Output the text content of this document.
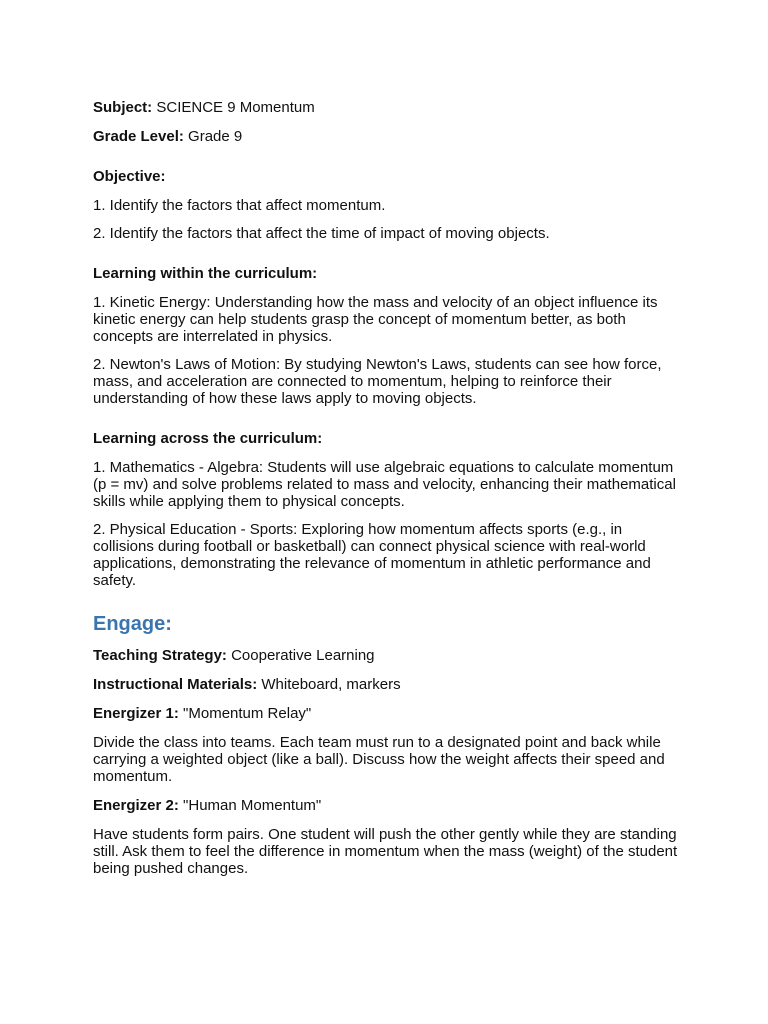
Subject: SCIENCE 9 Momentum

Grade Level: Grade 9

Objective:

1. Identify the factors that affect momentum.

2. Identify the factors that affect the time of impact of moving objects.

Learning within the curriculum:

1. Kinetic Energy: Understanding how the mass and velocity of an object influence its kinetic energy can help students grasp the concept of momentum better, as both concepts are interrelated in physics.

2. Newton's Laws of Motion: By studying Newton's Laws, students can see how force, mass, and acceleration are connected to momentum, helping to reinforce their understanding of how these laws apply to moving objects.

Learning across the curriculum:

1. Mathematics - Algebra: Students will use algebraic equations to calculate momentum (p = mv) and solve problems related to mass and velocity, enhancing their mathematical skills while applying them to physical concepts.

2. Physical Education - Sports: Exploring how momentum affects sports (e.g., in collisions during football or basketball) can connect physical science with real-world applications, demonstrating the relevance of momentum in athletic performance and safety.

Engage:

Teaching Strategy: Cooperative Learning

Instructional Materials: Whiteboard, markers

Energizer 1: "Momentum Relay"

Divide the class into teams. Each team must run to a designated point and back while carrying a weighted object (like a ball). Discuss how the weight affects their speed and momentum.

Energizer 2: "Human Momentum"

Have students form pairs. One student will push the other gently while they are standing still. Ask them to feel the difference in momentum when the mass (weight) of the student being pushed changes.
